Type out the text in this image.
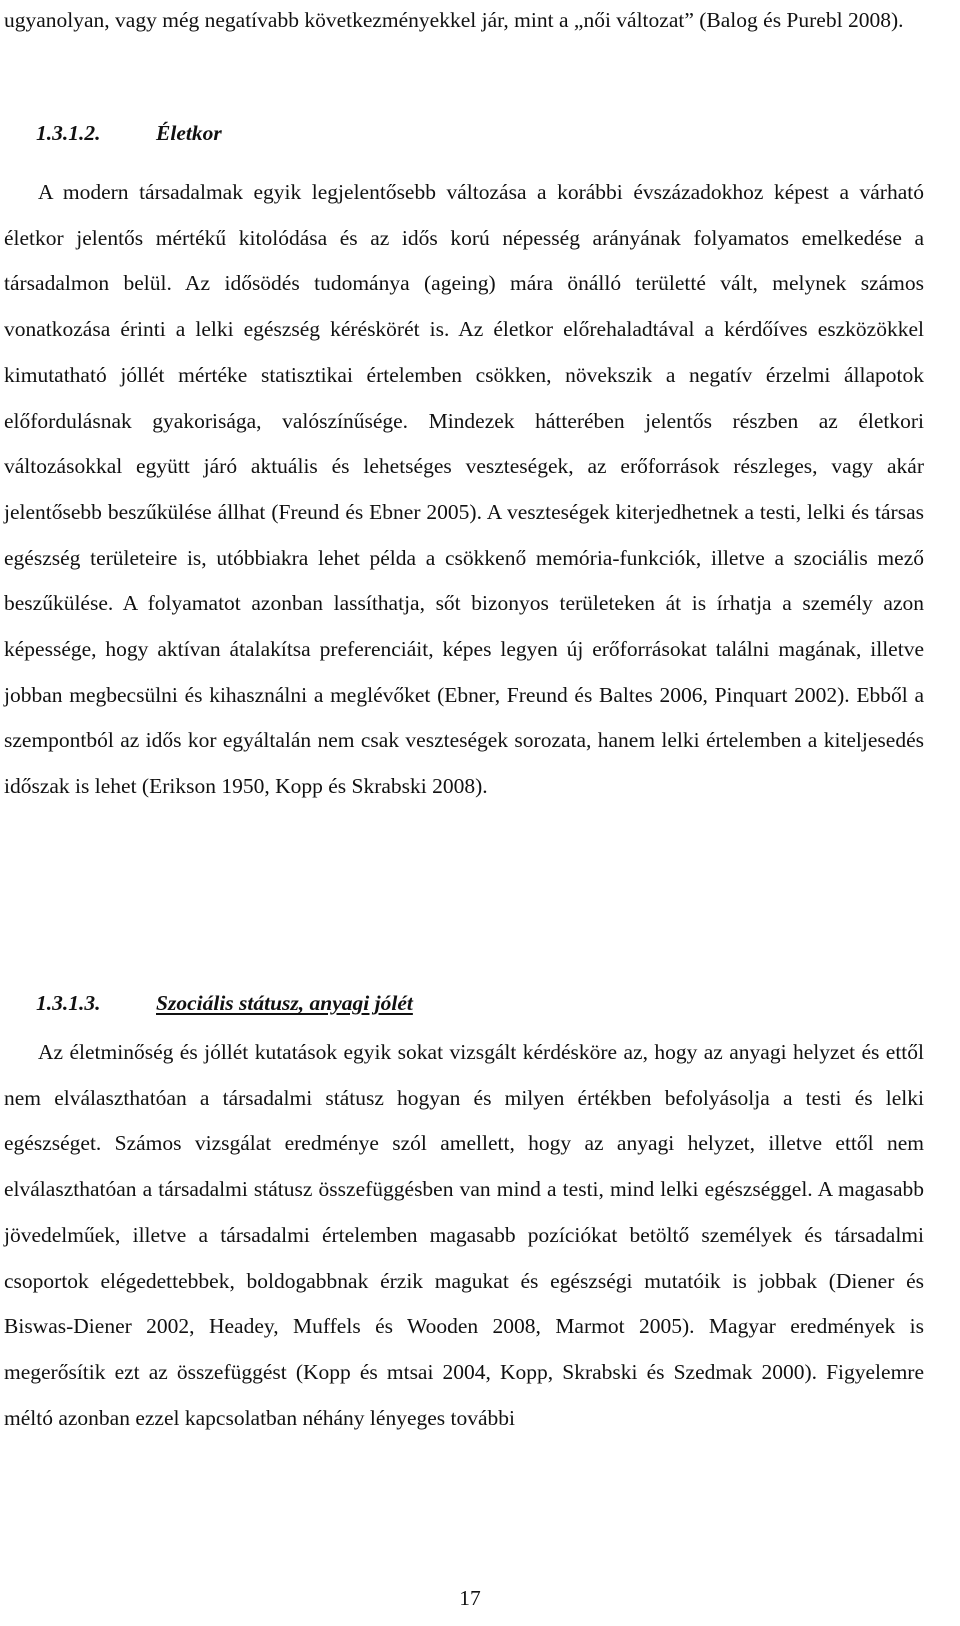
ugyanolyan, vagy még negatívabb következményekkel jár, mint a „női változat” (Balog és Purebl 2008).

1.3.1.2.	Életkor

A modern társadalmak egyik legjelentősebb változása a korábbi évszázadokhoz képest a várható életkor jelentős mértékű kitolódása és az idős korú népesség arányának folyamatos emelkedése a társadalmon belül. Az idősödés tudománya (ageing) mára önálló területté vált, melynek számos vonatkozása érinti a lelki egészség kéréskörét is. Az életkor előrehaladtával a kérdőíves eszközökkel kimutatható jóllét mértéke statisztikai értelemben csökken, növekszik a negatív érzelmi állapotok előfordulásnak gyakorisága, valószínűsége. Mindezek hátterében jelentős részben az életkori változásokkal együtt járó aktuális és lehetséges veszteségek, az erőforrások részleges, vagy akár jelentősebb beszűkülése állhat (Freund és Ebner 2005). A veszteségek kiterjedhetnek a testi, lelki és társas egészség területeire is, utóbbiakra lehet példa a csökkenő memória-funkciók, illetve a szociális mező beszűkülése. A folyamatot azonban lassíthatja, sőt bizonyos területeken át is írhatja a személy azon képessége, hogy aktívan átalakítsa preferenciáit, képes legyen új erőforrásokat találni magának, illetve jobban megbecsülni és kihasználni a meglévőket (Ebner, Freund és Baltes 2006, Pinquart 2002). Ebből a szempontból az idős kor egyáltalán nem csak veszteségek sorozata, hanem lelki értelemben a kiteljesedés időszak is lehet (Erikson 1950, Kopp és Skrabski 2008).

1.3.1.3.	Szociális státusz, anyagi jólét

Az életminőség és jóllét kutatások egyik sokat vizsgált kérdésköre az, hogy az anyagi helyzet és ettől nem elválaszthatóan a társadalmi státusz hogyan és milyen értékben befolyásolja a testi és lelki egészséget. Számos vizsgálat eredménye szól amellett, hogy az anyagi helyzet, illetve ettől nem elválaszthatóan a társadalmi státusz összefüggésben van mind a testi, mind lelki egészséggel. A magasabb jövedelműek, illetve a társadalmi értelemben magasabb pozíciókat betöltő személyek és társadalmi csoportok elégedettebbek, boldogabbnak érzik magukat és egészségi mutatóik is jobbak (Diener és Biswas-Diener 2002, Headey, Muffels és Wooden 2008, Marmot 2005). Magyar eredmények is megerősítik ezt az összefüggést (Kopp és mtsai 2004, Kopp, Skrabski és Szedmak 2000). Figyelemre méltó azonban ezzel kapcsolatban néhány lényeges további

17
